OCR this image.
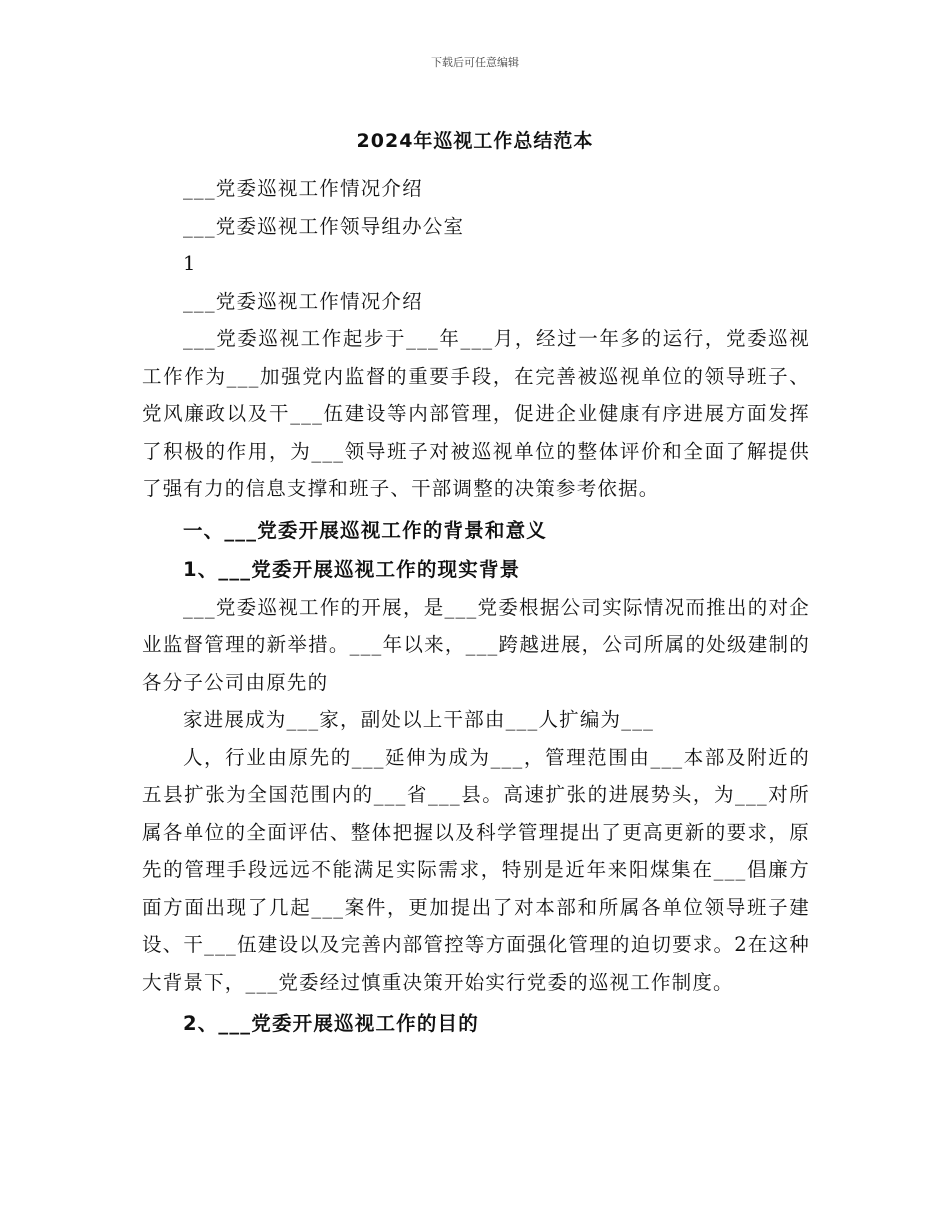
下载后可任意编辑
2024年巡视工作总结范本

___党委巡视工作情况介绍

___党委巡视工作领导组办公室

1

___党委巡视工作情况介绍

___党委巡视工作起步于___年___月，经过一年多的运行，党委巡视工作作为___加强党内监督的重要手段，在完善被巡视单位的领导班子、党风廉政以及干___伍建设等内部管理，促进企业健康有序进展方面发挥了积极的作用，为___领导班子对被巡视单位的整体评价和全面了解提供了强有力的信息支撑和班子、干部调整的决策参考依据。

一、___党委开展巡视工作的背景和意义

1、___党委开展巡视工作的现实背景

___党委巡视工作的开展，是___党委根据公司实际情况而推出的对企业监督管理的新举措。___年以来，___跨越进展，公司所属的处级建制的各分子公司由原先的

家进展成为___家，副处以上干部由___人扩编为___

人，行业由原先的___延伸为成为___，管理范围由___本部及附近的五县扩张为全国范围内的___省___县。高速扩张的进展势头，为___对所属各单位的全面评估、整体把握以及科学管理提出了更高更新的要求，原先的管理手段远远不能满足实际需求，特别是近年来阳煤集在___倡廉方面方面出现了几起___案件，更加提出了对本部和所属各单位领导班子建设、干___伍建设以及完善内部管控等方面强化管理的迫切要求。2在这种大背景下，___党委经过慎重决策开始实行党委的巡视工作制度。

2、___党委开展巡视工作的目的
